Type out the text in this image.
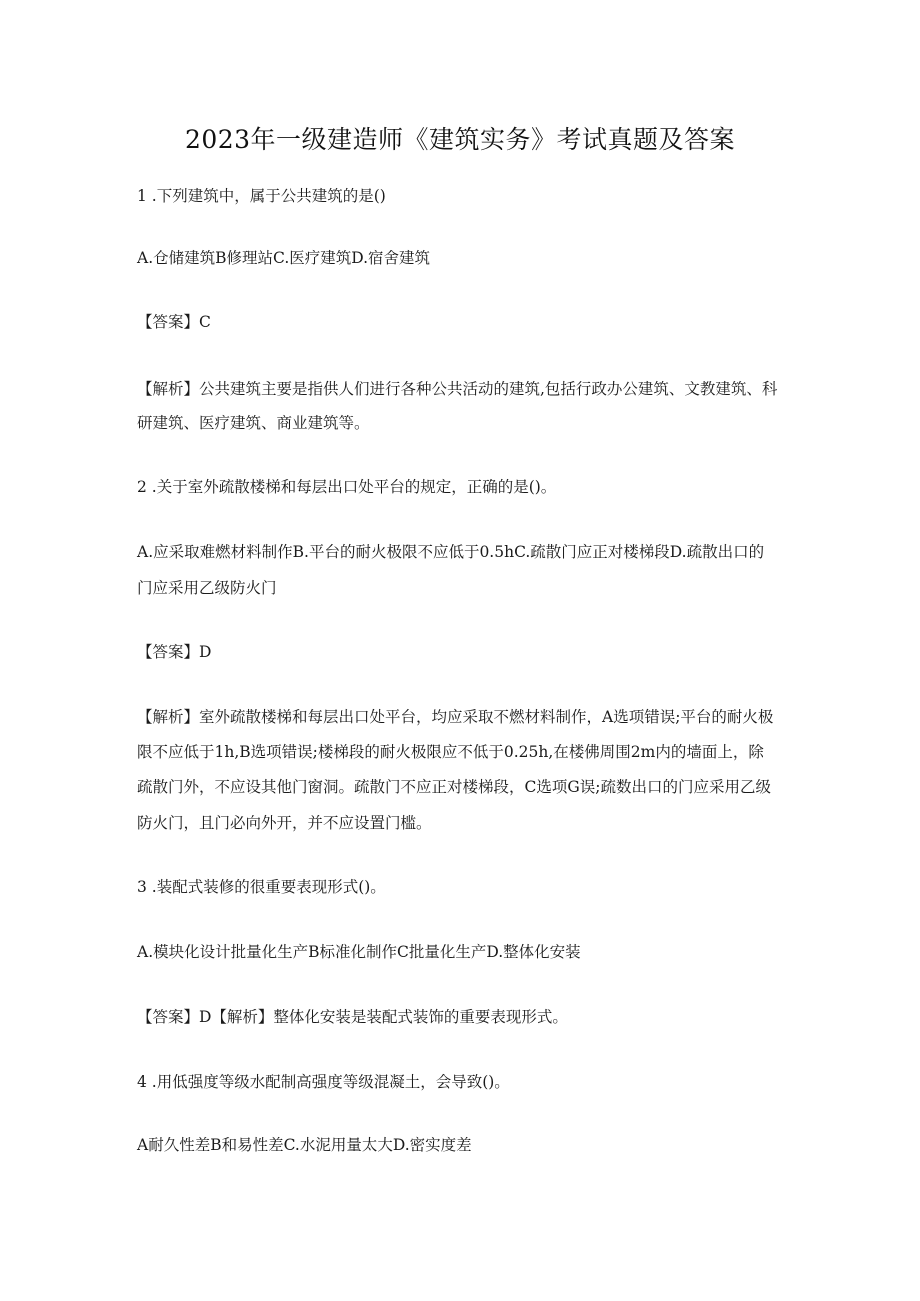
2023年一级建造师《建筑实务》考试真题及答案
1 .下列建筑中，属于公共建筑的是()
A.仓储建筑B修理站C.医疗建筑D.宿舍建筑
【答案】C
【解析】公共建筑主要是指供人们进行各种公共活动的建筑,包括行政办公建筑、文教建筑、科
研建筑、医疗建筑、商业建筑等。
2 .关于室外疏散楼梯和每层出口处平台的规定，正确的是()。
A.应采取难燃材料制作B.平台的耐火极限不应低于0.5hC.疏散门应正对楼梯段D.疏散出口的
门应采用乙级防火门
【答案】D
【解析】室外疏散楼梯和每层出口处平台，均应采取不燃材料制作，A选项错误;平台的耐火极
限不应低于1h,B选项错误;楼梯段的耐火极限应不低于0.25h,在楼佛周围2m内的墙面上，除
疏散门外，不应设其他门窗洞。疏散门不应正对楼梯段，C选项G误;疏数出口的门应采用乙级
防火门，且门必向外开，并不应设置门槛。
3 .装配式装修的很重要表现形式()。
A.模块化设计批量化生产B标准化制作C批量化生产D.整体化安装
【答案】D【解析】整体化安装是装配式装饰的重要表现形式。
4 .用低强度等级水配制高强度等级混凝土，会导致()。
A耐久性差B和易性差C.水泥用量太大D.密实度差
